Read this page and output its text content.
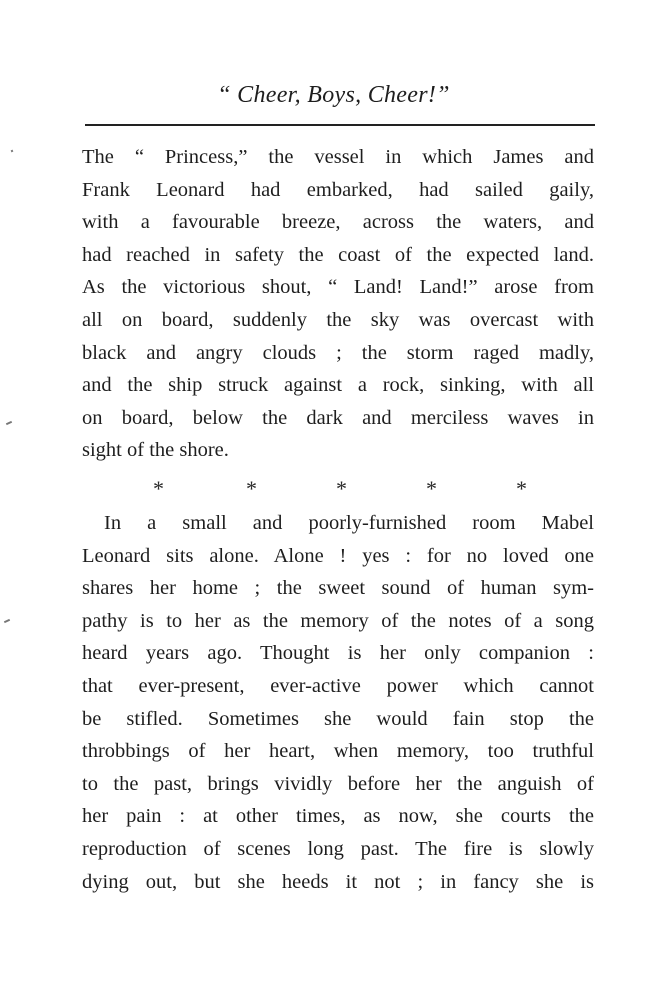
“ Cheer, Boys, Cheer!”
The “ Princess,” the vessel in which James and
Frank Leonard had embarked, had sailed gaily,
with a favourable breeze, across the waters, and
had reached in safety the coast of the expected land.
As the victorious shout, “ Land! Land!” arose from
all on board, suddenly the sky was overcast with
black and angry clouds ; the storm raged madly,
and the ship struck against a rock, sinking, with all
on board, below the dark and merciless waves in
sight of the shore.
*	*	*	*	*
In a small and poorly-furnished room Mabel
Leonard sits alone. Alone ! yes : for no loved one
shares her home ; the sweet sound of human sym-
pathy is to her as the memory of the notes of a song
heard years ago. Thought is her only companion :
that ever-present, ever-active power which cannot
be stifled. Sometimes she would fain stop the
throbbings of her heart, when memory, too truthful
to the past, brings vividly before her the anguish of
her pain : at other times, as now, she courts the
reproduction of scenes long past. The fire is slowly
dying out, but she heeds it not ; in fancy she is
